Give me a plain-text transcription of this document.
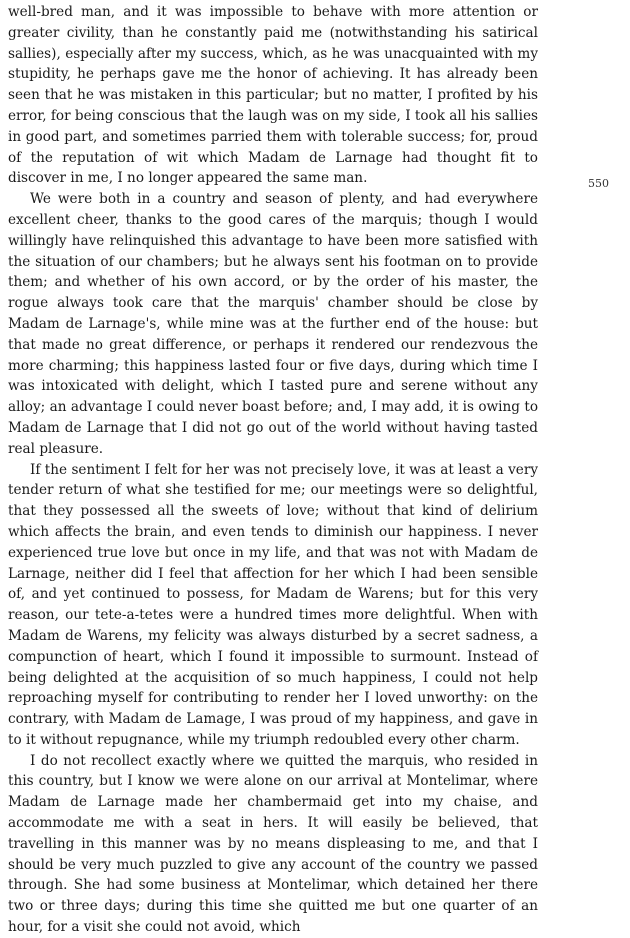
well-bred man, and it was impossible to behave with more attention or greater civility, than he constantly paid me (notwithstanding his satirical sallies), especially after my success, which, as he was unacquainted with my stupidity, he perhaps gave me the honor of achieving. It has already been seen that he was mistaken in this particular; but no matter, I profited by his error, for being conscious that the laugh was on my side, I took all his sallies in good part, and sometimes parried them with tolerable success; for, proud of the reputation of wit which Madam de Larnage had thought fit to discover in me, I no longer appeared the same man.

We were both in a country and season of plenty, and had everywhere excellent cheer, thanks to the good cares of the marquis; though I would willingly have relinquished this advantage to have been more satisfied with the situation of our chambers; but he always sent his footman on to provide them; and whether of his own accord, or by the order of his master, the rogue always took care that the marquis' chamber should be close by Madam de Larnage's, while mine was at the further end of the house: but that made no great difference, or perhaps it rendered our rendezvous the more charming; this happiness lasted four or five days, during which time I was intoxicated with delight, which I tasted pure and serene without any alloy; an advantage I could never boast before; and, I may add, it is owing to Madam de Larnage that I did not go out of the world without having tasted real pleasure.

If the sentiment I felt for her was not precisely love, it was at least a very tender return of what she testified for me; our meetings were so delightful, that they possessed all the sweets of love; without that kind of delirium which affects the brain, and even tends to diminish our happiness. I never experienced true love but once in my life, and that was not with Madam de Larnage, neither did I feel that affection for her which I had been sensible of, and yet continued to possess, for Madam de Warens; but for this very reason, our tete-a-tetes were a hundred times more delightful. When with Madam de Warens, my felicity was always disturbed by a secret sadness, a compunction of heart, which I found it impossible to surmount. Instead of being delighted at the acquisition of so much happiness, I could not help reproaching myself for contributing to render her I loved unworthy: on the contrary, with Madam de Lamage, I was proud of my happiness, and gave in to it without repugnance, while my triumph redoubled every other charm.

I do not recollect exactly where we quitted the marquis, who resided in this country, but I know we were alone on our arrival at Montelimar, where Madam de Larnage made her chambermaid get into my chaise, and accommodate me with a seat in hers. It will easily be believed, that travelling in this manner was by no means displeasing to me, and that I should be very much puzzled to give any account of the country we passed through. She had some business at Montelimar, which detained her there two or three days; during this time she quitted me but one quarter of an hour, for a visit she could not avoid, which

550
